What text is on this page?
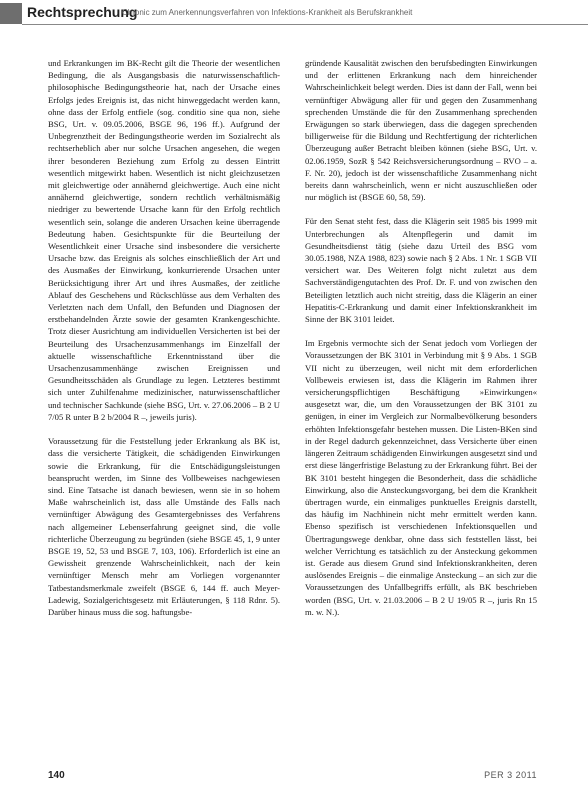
Rechtsprechung
Chroniс zum Anerkennungsverfahren von Infektions-Krankheit als Berufskrankheit

und Erkrankungen im BK-Recht gilt die Theorie der wesentlichen Bedingung, die als Ausgangsbasis die naturwissenschaftlich-philosophische Bedingungstheorie hat, nach der Ursache eines Erfolgs jedes Ereignis ist, das nicht hinweggedacht werden kann, ohne dass der Erfolg entfiele (sog. conditio sine qua non, siehe BSG, Urt. v. 09.05.2006, BSGE 96, 196 ff.). Aufgrund der Unbegrenztheit der Bedingungstheorie werden im Sozialrecht als rechtserheblich aber nur solche Ursachen angesehen, die wegen ihrer besonderen Beziehung zum Erfolg zu dessen Eintritt wesentlich mitgewirkt haben. Wesentlich ist nicht gleichzusetzen mit gleichwertige oder annähernd gleichwertige. Auch eine nicht annähernd gleichwertige, sondern rechtlich verhältnismäßig niedriger zu bewertende Ursache kann für den Erfolg rechtlich wesentlich sein, solange die anderen Ursachen keine überragende Bedeutung haben. Gesichtspunkte für die Beurteilung der Wesentlichkeit einer Ursache sind insbesondere die versicherte Ursache bzw. das Ereignis als solches einschließlich der Art und des Ausmaßes der Einwirkung, konkurrierende Ursachen unter Berücksichtigung ihrer Art und ihres Ausmaßes, der zeitliche Ablauf des Geschehens und Rückschlüsse aus dem Verhalten des Verletzten nach dem Unfall, den Befunden und Diagnosen der erstbehandelnden Ärzte sowie der gesamten Krankengeschichte. Trotz dieser Ausrichtung am individuellen Versicherten ist bei der Beurteilung des Ursachenzusammenhangs im Einzelfall der aktuelle wissenschaftliche Erkenntnisstand über die Ursachenzusammenhänge zwischen Ereignissen und Gesundheitsschäden als Grundlage zu legen. Letzteres bestimmt sich unter Zuhilfenahme medizinischer, naturwissenschaftlicher und technischer Sachkunde (siehe BSG, Urt. v. 27.06.2006 – B 2 U 7/05 R unter B 2 b/2004 R –, jeweils juris).

Voraussetzung für die Feststellung jeder Erkrankung als BK ist, dass die versicherte Tätigkeit, die schädigenden Einwirkungen sowie die Erkrankung, für die Entschädigungsleistungen beansprucht werden, im Sinne des Vollbeweises nachgewiesen sind. Eine Tatsache ist danach bewiesen, wenn sie in so hohem Maße wahrscheinlich ist, dass alle Umstände des Falls nach vernünftiger Abwägung des Gesamtergebnisses des Verfahrens nach allgemeiner Lebenserfahrung geeignet sind, die volle richterliche Überzeugung zu begründen (siehe BSGE 45, 1, 9 unter BSGE 19, 52, 53 und BSGE 7, 103, 106). Erforderlich ist eine an Gewissheit grenzende Wahrscheinlichkeit, nach der kein vernünftiger Mensch mehr am Vorliegen vorgenannter Tatbestandsmerkmale zweifelt (BSGE 6, 144 ff. auch Meyer-Ladewig, Sozialgerichtsgesetz mit Erläuterungen, § 118 Rdnr. 5). Darüber hinaus muss die sog. haftungsbe-

gründende Kausalität zwischen den berufsbedingten Einwirkungen und der erlittenen Erkrankung nach dem hinreichender Wahrscheinlichkeit belegt werden. Dies ist dann der Fall, wenn bei vernünftiger Abwägung aller für und gegen den Zusammenhang sprechenden Umstände die für den Zusammenhang sprechenden Erwägungen so stark überwiegen, dass die dagegen sprechenden billigerweise für die Bildung und Rechtfertigung der richterlichen Überzeugung außer Betracht bleiben können (siehe BSG, Urt. v. 02.06.1959, SozR § 542 Reichsversicherungsordnung – RVO – a. F. Nr. 20), jedoch ist der wissenschaftliche Zusammenhang nicht bereits dann wahrscheinlich, wenn er nicht auszuschließen oder nur möglich ist (BSGE 60, 58, 59).

Für den Senat steht fest, dass die Klägerin seit 1985 bis 1999 mit Unterbrechungen als Altenpflegerin und damit im Gesundheitsdienst tätig (siehe dazu Urteil des BSG vom 30.05.1988, NZA 1988, 823) sowie nach § 2 Abs. 1 Nr. 1 SGB VII versichert war. Des Weiteren folgt nicht zuletzt aus dem Sachverständigengutachten des Prof. Dr. F. und von zwischen den Beteiligten letztlich auch nicht streitig, dass die Klägerin an einer Hepatitis-C-Erkrankung und damit einer Infektionskrankheit im Sinne der BK 3101 leidet.

Im Ergebnis vermochte sich der Senat jedoch vom Vorliegen der Voraussetzungen der BK 3101 in Verbindung mit § 9 Abs. 1 SGB VII nicht zu überzeugen, weil nicht mit dem erforderlichen Vollbeweis erwiesen ist, dass die Klägerin im Rahmen ihrer versicherungspflichtigen Beschäftigung »Einwirkungen« ausgesetzt war, die, um den Voraussetzungen der BK 3101 zu genügen, in einer im Vergleich zur Normalbevölkerung besonders erhöhten Infektionsgefahr bestehen mussen. Die Listen-BKen sind in der Regel dadurch gekennzeichnet, dass Versicherte über einen längeren Zeitraum schädigenden Einwirkungen ausgesetzt sind und erst diese längerfristige Belastung zu der Erkrankung führt. Bei der BK 3101 besteht hingegen die Besonderheit, dass die schädliche Einwirkung, also die Ansteckungsvorgang, bei dem die Krankheit übertragen wurde, ein einmaliges punktuelles Ereignis darstellt, das häufig im Nachhinein nicht mehr ermittelt werden kann. Ebenso spezifisch ist verschiedenen Infektionsquellen und Übertragungswege denkbar, ohne dass sich feststellen lässt, bei welcher Verrichtung es tatsächlich zu der Ansteckung gekommen ist. Gerade aus diesem Grund sind Infektionskrankheiten, deren auslösendes Ereignis – die einmalige Ansteckung – an sich zur die Voraussetzungen des Unfallbegriffs erfüllt, als BK beschrieben worden (BSG, Urt. v. 21.03.2006 – B 2 U 19/05 R –, juris Rn 15 m. w. N.).

140	PER 3 2011
